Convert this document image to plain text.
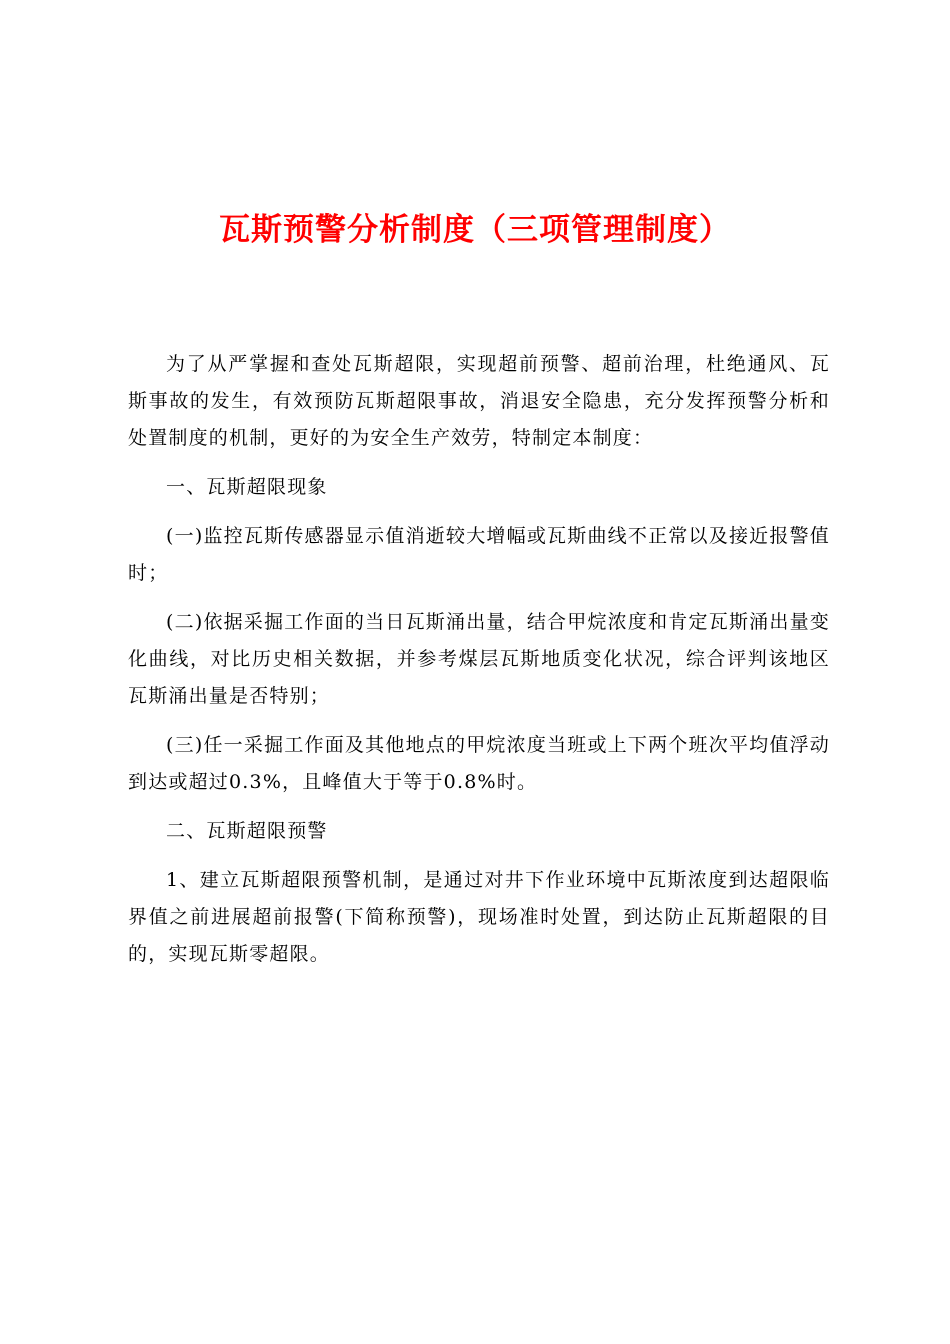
瓦斯预警分析制度（三项管理制度）

为了从严掌握和查处瓦斯超限，实现超前预警、超前治理，杜绝通风、瓦斯事故的发生，有效预防瓦斯超限事故，消退安全隐患，充分发挥预警分析和处置制度的机制，更好的为安全生产效劳，特制定本制度：

一、瓦斯超限现象

(一)监控瓦斯传感器显示值消逝较大增幅或瓦斯曲线不正常以及接近报警值时；

(二)依据采掘工作面的当日瓦斯涌出量，结合甲烷浓度和肯定瓦斯涌出量变化曲线，对比历史相关数据，并参考煤层瓦斯地质变化状况，综合评判该地区瓦斯涌出量是否特别；

(三)任一采掘工作面及其他地点的甲烷浓度当班或上下两个班次平均值浮动到达或超过0.3%，且峰值大于等于0.8%时。

二、瓦斯超限预警

1、建立瓦斯超限预警机制，是通过对井下作业环境中瓦斯浓度到达超限临界值之前进展超前报警(下简称预警)，现场准时处置，到达防止瓦斯超限的目的，实现瓦斯零超限。
